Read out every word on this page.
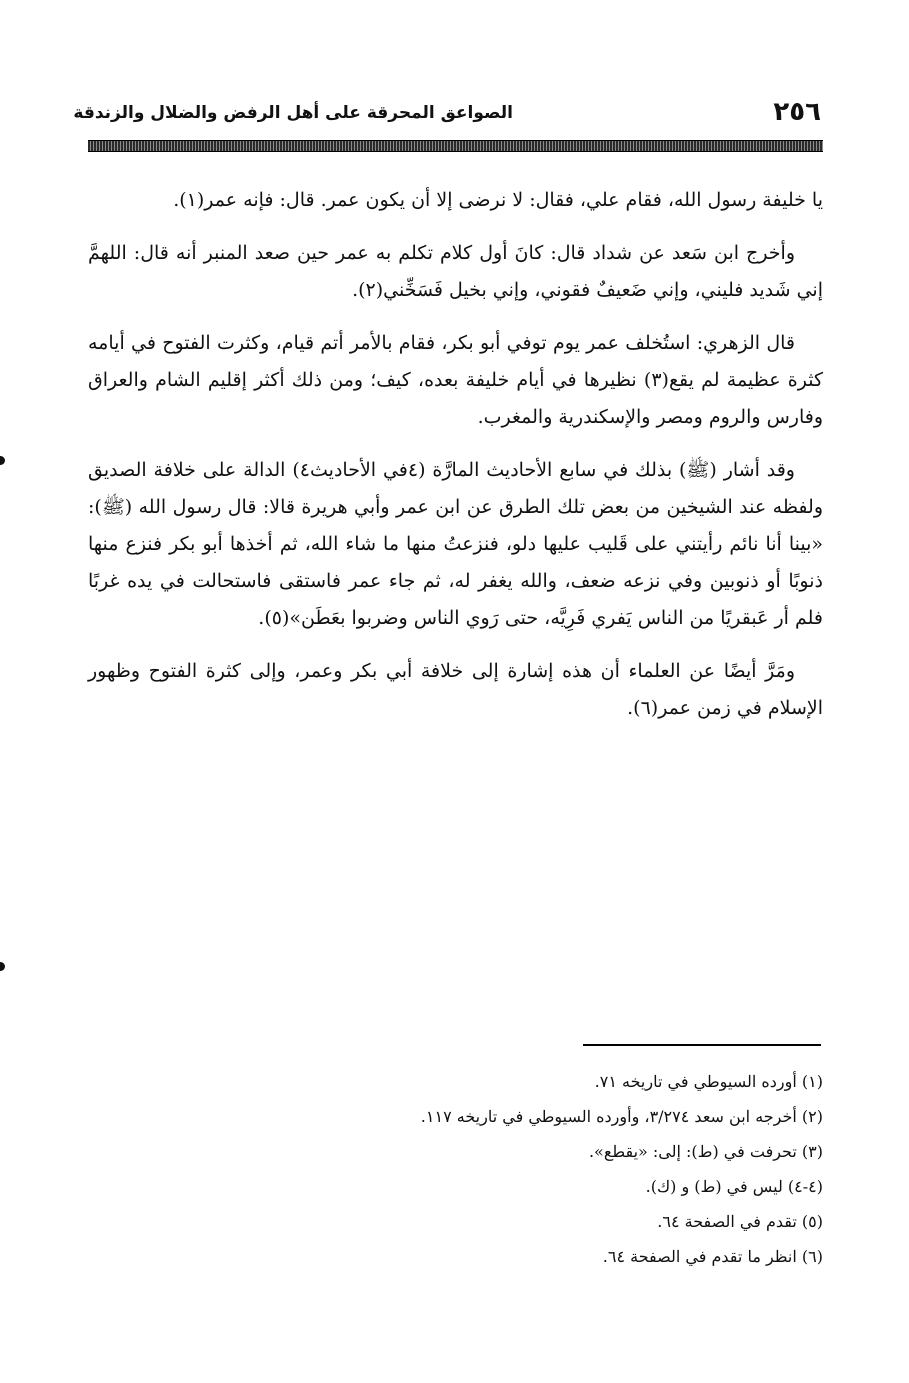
الصواعق المحرقة على أهل الرفض والضلال والزندقة	٢٥٦

يا خليفة رسول الله، فقام علي، فقال: لا نرضى إلا أن يكون عمر. قال: فإنه عمر(١).

وأخرج ابن سَعد عن شداد قال: كانَ أول كلام تكلم به عمر حين صعد المنبر أنه قال: اللهمَّ إني شَديد فليني، وإني ضَعيفٌ فقوني، وإني بخيل فَسَخِّني(٢).

قال الزهري: استُخلف عمر يوم توفي أبو بكر، فقام بالأمر أتم قيام، وكثرت الفتوح في أيامه كثرة عظيمة لم يقع(٣) نظيرها في أيام خليفة بعده، كيف؛ ومن ذلك أكثر إقليم الشام والعراق وفارس والروم ومصر والإسكندرية والمغرب.

وقد أشار (ﷺ) بذلك في سابع الأحاديث المارَّة (٤في الأحاديث٤) الدالة على خلافة الصديق ولفظه عند الشيخين من بعض تلك الطرق عن ابن عمر وأبي هريرة قالا: قال رسول الله (ﷺ): «بينا أنا نائم رأيتني على قَليب عليها دلو، فنزعتُ منها ما شاء الله، ثم أخذها أبو بكر فنزع منها ذنوبًا أو ذنوبين وفي نزعه ضعف، والله يغفر له، ثم جاء عمر فاستقى فاستحالت في يده غربًا فلم أر عَبقريًا من الناس يَفري فَرِيَّه، حتى رَوي الناس وضربوا بعَطَن»(٥).

ومَرَّ أيضًا عن العلماء أن هذه إشارة إلى خلافة أبي بكر وعمر، وإلى كثرة الفتوح وظهور الإسلام في زمن عمر(٦).

(١) أورده السيوطي في تاريخه ٧١.
(٢) أخرجه ابن سعد ٣/٢٧٤، وأورده السيوطي في تاريخه ١١٧.
(٣) تحرفت في (ط): إلى: «يقطع».
(٤-٤) ليس في (ط) و (ك).
(٥) تقدم في الصفحة ٦٤.
(٦) انظر ما تقدم في الصفحة ٦٤.
